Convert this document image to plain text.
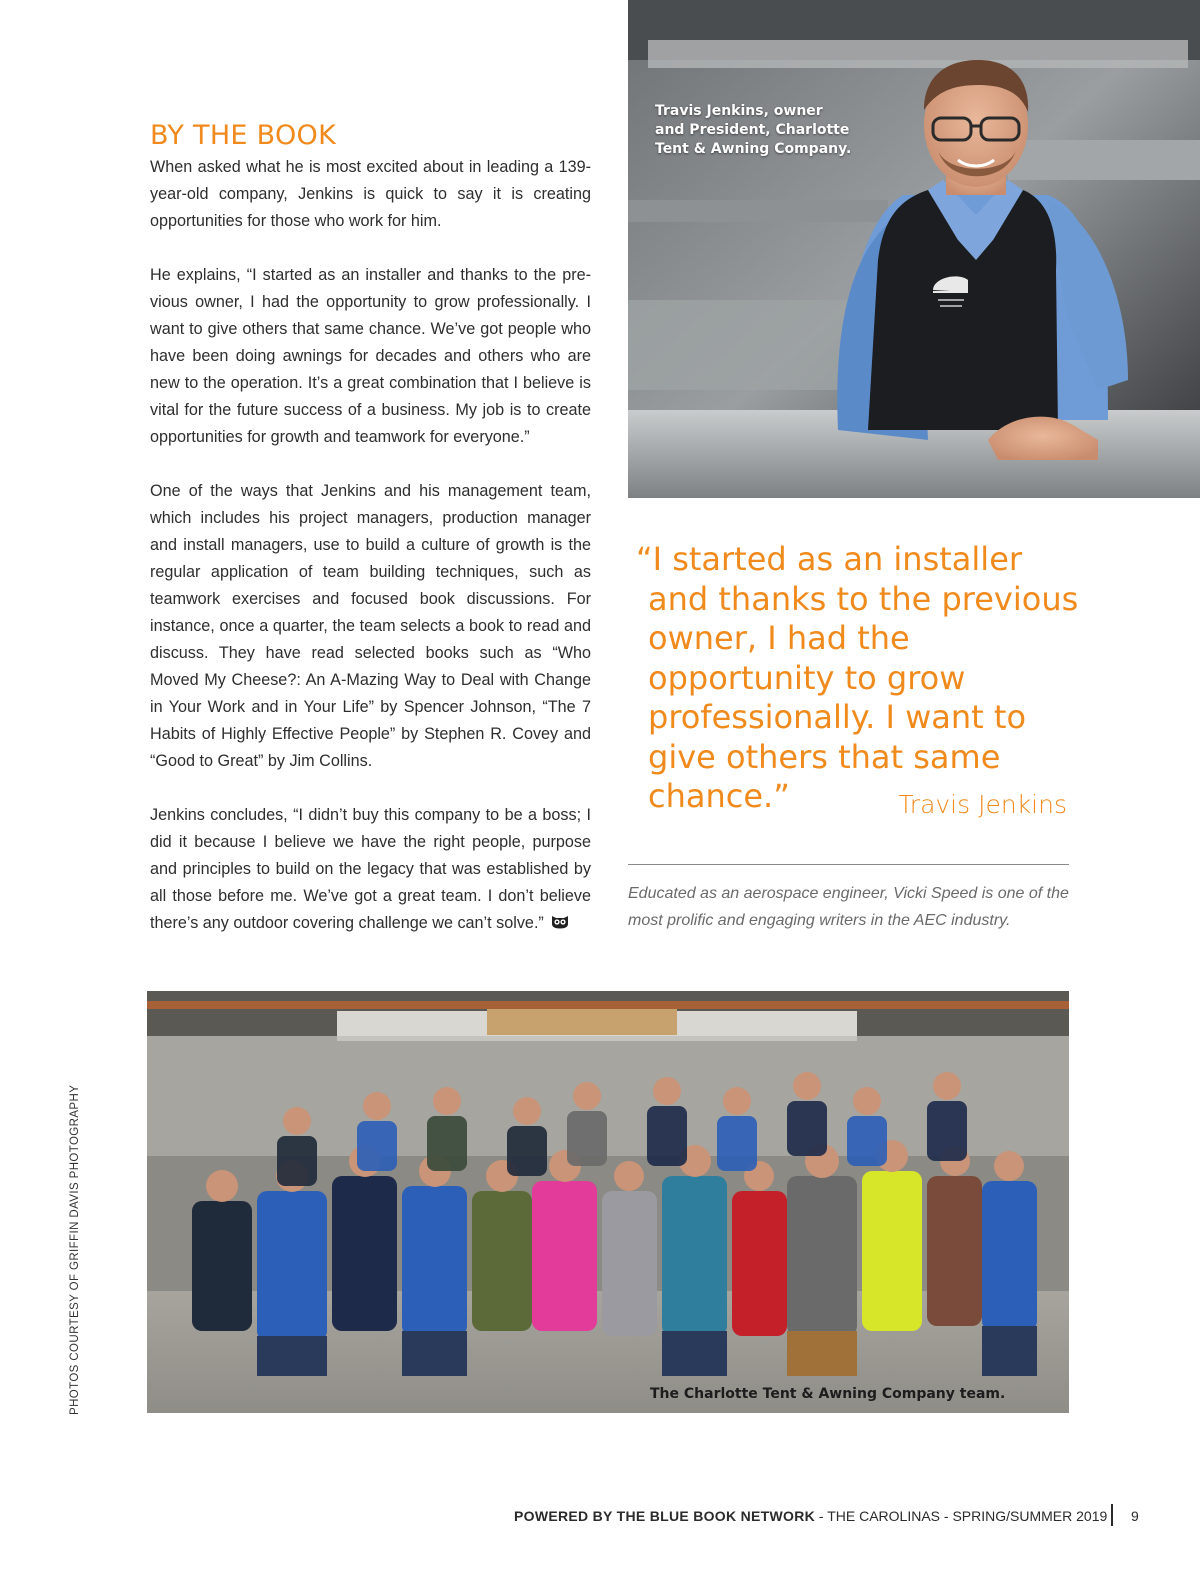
BY THE BOOK

When asked what he is most excited about in leading a 139-year-old company, Jenkins is quick to say it is creating opportunities for those who work for him.

He explains, “I started as an installer and thanks to the pre-vious owner, I had the opportunity to grow professionally. I want to give others that same chance. We’ve got people who have been doing awnings for decades and others who are new to the operation. It’s a great combination that I believe is vital for the future success of a business. My job is to create opportunities for growth and teamwork for everyone.”

One of the ways that Jenkins and his management team, which includes his project managers, production manager and install managers, use to build a culture of growth is the regular application of team building techniques, such as teamwork exercises and focused book discussions. For instance, once a quarter, the team selects a book to read and discuss. They have read selected books such as “Who Moved My Cheese?: An A-Mazing Way to Deal with Change in Your Work and in Your Life” by Spencer Johnson, “The 7 Habits of Highly Effective People” by Stephen R. Covey and “Good to Great” by Jim Collins.

Jenkins concludes, “I didn’t buy this company to be a boss; I did it because I believe we have the right people, purpose and principles to build on the legacy that was established by all those before me. We’ve got a great team. I don’t believe there’s any outdoor covering challenge we can’t solve.”

Travis Jenkins, owner and President, Charlotte Tent & Awning Company.

“I started as an installer and thanks to the previous owner, I had the opportunity to grow professionally. I want to give others that same chance.”	Travis Jenkins
Educated as an aerospace engineer, Vicki Speed is one of the most prolific and engaging writers in the AEC industry.
The Charlotte Tent & Awning Company team.
PHOTOS COURTESY OF GRIFFIN DAVIS PHOTOGRAPHY
POWERED BY THE BLUE BOOK NETWORK - THE CAROLINAS - SPRING/SUMMER 2019 9
